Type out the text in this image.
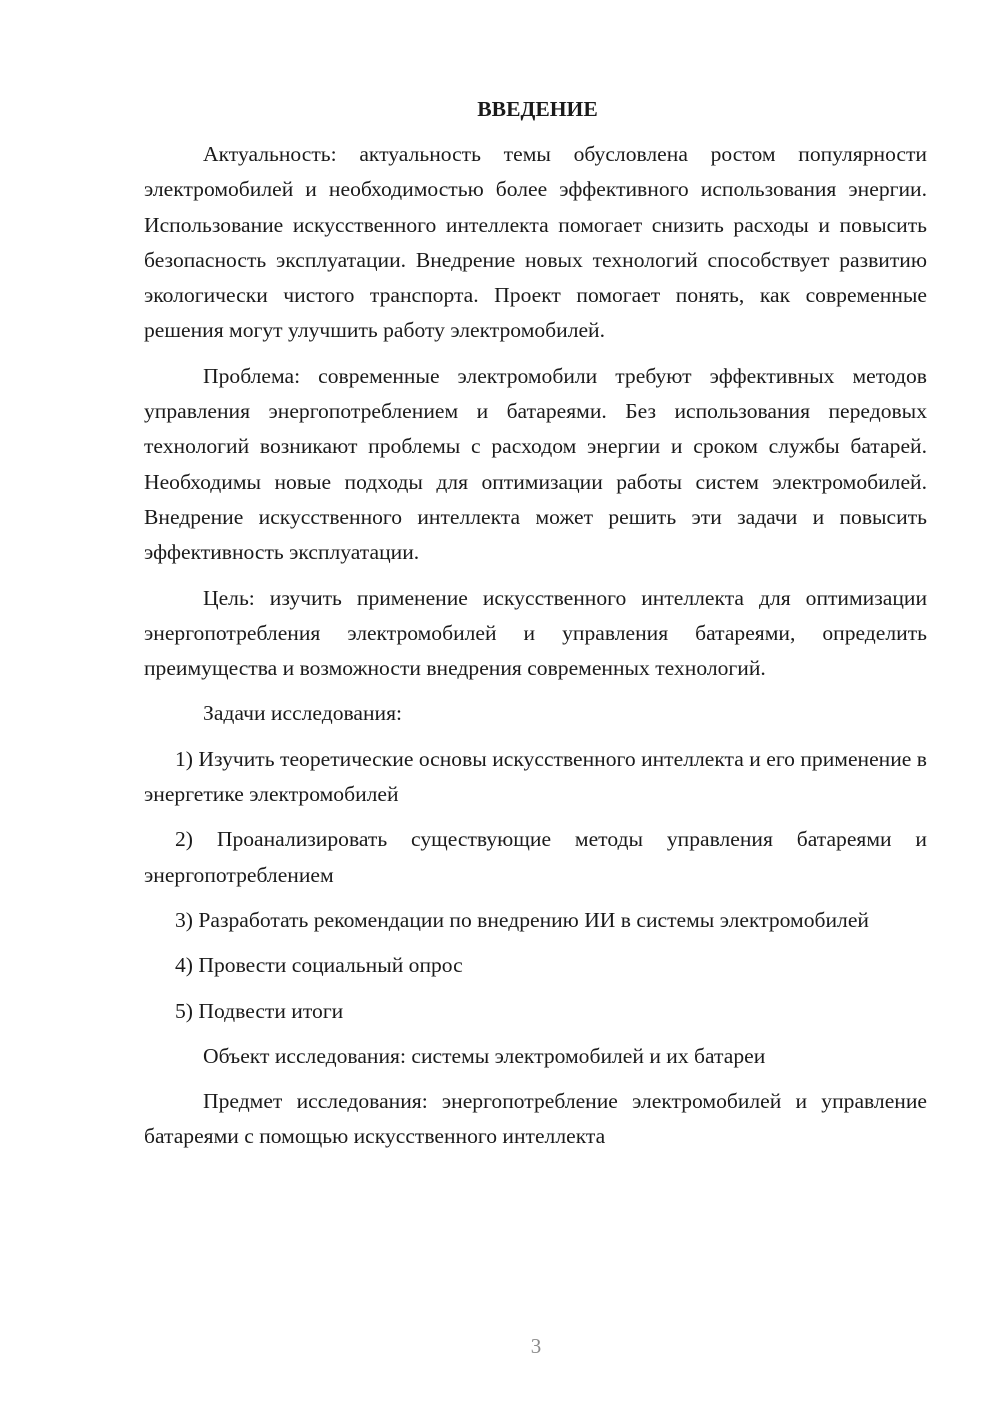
ВВЕДЕНИЕ

Актуальность: актуальность темы обусловлена ростом популярности электромобилей и необходимостью более эффективного использования энергии. Использование искусственного интеллекта помогает снизить расходы и повысить безопасность эксплуатации. Внедрение новых технологий способствует развитию экологически чистого транспорта. Проект помогает понять, как современные решения могут улучшить работу электромобилей.

Проблема: современные электромобили требуют эффективных методов управления энергопотреблением и батареями. Без использования передовых технологий возникают проблемы с расходом энергии и сроком службы батарей. Необходимы новые подходы для оптимизации работы систем электромобилей. Внедрение искусственного интеллекта может решить эти задачи и повысить эффективность эксплуатации.

Цель: изучить применение искусственного интеллекта для оптимизации энергопотребления электромобилей и управления батареями, определить преимущества и возможности внедрения современных технологий.

Задачи исследования:

1) Изучить теоретические основы искусственного интеллекта и его применение в энергетике электромобилей

2) Проанализировать существующие методы управления батареями и энергопотреблением

3) Разработать рекомендации по внедрению ИИ в системы электромобилей

4) Провести социальный опрос

5) Подвести итоги

Объект исследования: системы электромобилей и их батареи

Предмет исследования: энергопотребление электромобилей и управление батареями с помощью искусственного интеллекта

3
